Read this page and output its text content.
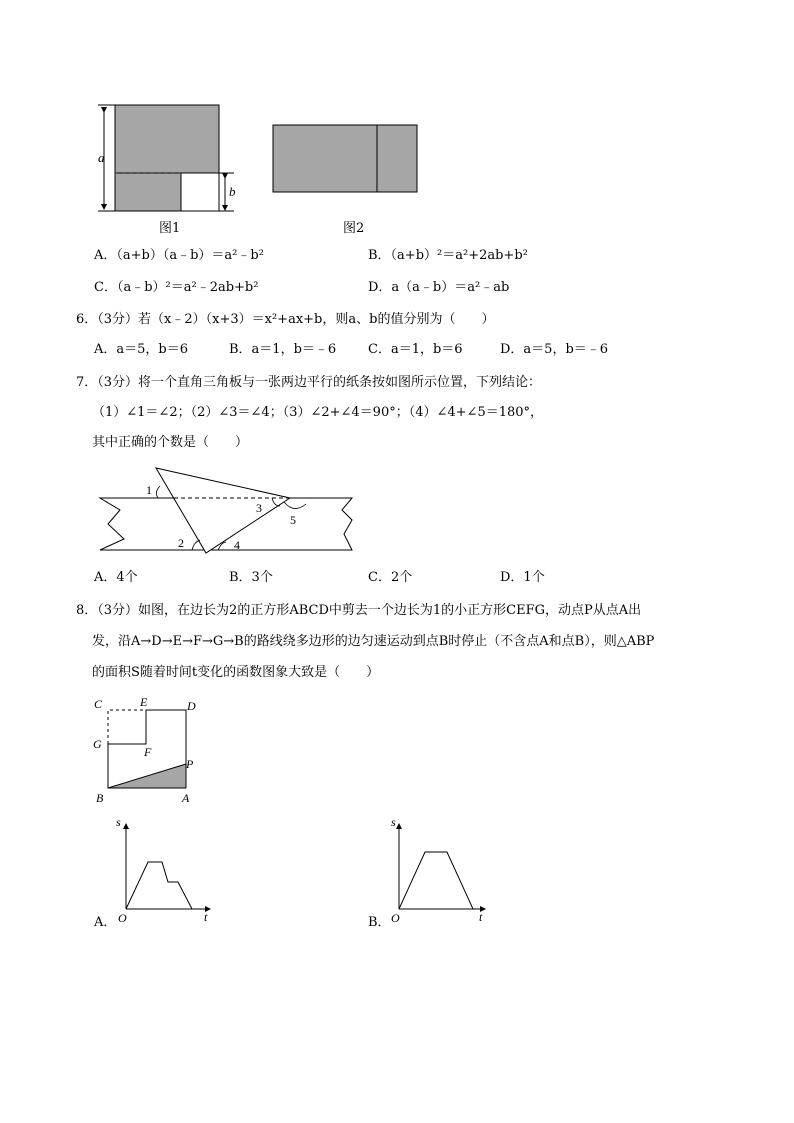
a
b
图1	图2
A．（a+b）（a﹣b）＝a²﹣b²	B．（a+b）²＝a²+2ab+b²
C．（a﹣b）²＝a²﹣2ab+b²	D．a（a﹣b）＝a²﹣ab
6．（3分）若（x﹣2）（x+3）＝x²+ax+b，则a、b的值分别为（　　）
A．a＝5，b＝6	B．a＝1，b＝﹣6 C．a＝1，b＝6	D．a＝5，b＝﹣6
7．（3分）将一个直角三角板与一张两边平行的纸条按如图所示位置，下列结论：
（1）∠1＝∠2；（2）∠3＝∠4；（3）∠2+∠4＝90°；（4）∠4+∠5＝180°，
其中正确的个数是（　　）
1
2
3
4
5
A．4个	B．3个	C．2个	D．1个
8．（3分）如图，在边长为2的正方形ABCD中剪去一个边长为1的小正方形CEFG，动点P从点A出
发，沿A→D→E→F→G→B的路线绕多边形的边匀速运动到点B时停止（不含点A和点B），则△ABP
的面积S随着时间t变化的函数图象大致是（　　）
C	E	D
G
F
P
B	A
s
t
O
A．
s
t
O
B．
